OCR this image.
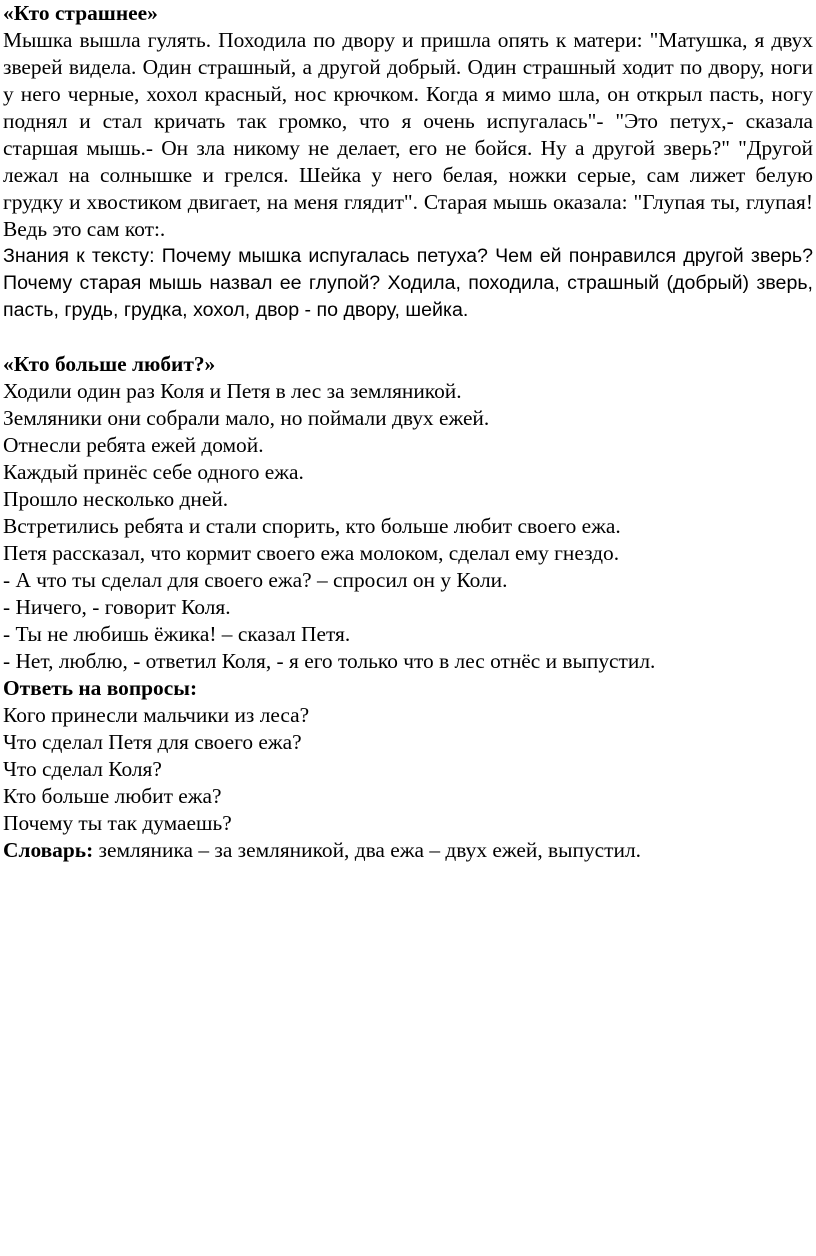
«Кто страшнее»

Мышка вышла гулять. Походила по двору и пришла опять к матери: "Матушка, я двух зверей видела. Один страшный, а другой добрый. Один страшный ходит по двору, ноги у него черные, хохол красный, нос крючком. Когда я мимо шла, он открыл пасть, ногу поднял и стал кричать так громко, что я очень испугалась"- "Это петух,- сказала старшая мышь.- Он зла никому не делает, его не бойся. Ну а другой зверь?" "Другой лежал на солнышке и грелся. Шейка у него белая, ножки серые, сам лижет белую грудку и хвостиком двигает, на меня глядит". Старая мышь оказала: "Глупая ты, глупая! Ведь это сам кот:.

Знания к тексту: Почему мышка испугалась петуха? Чем ей понравился другой зверь? Почему старая мышь назвал ее глупой? Ходила, походила, страшный (добрый) зверь, пасть, грудь, грудка, хохол, двор - по двору, шейка.

«Кто больше любит?»

Ходили один раз Коля и Петя в лес за земляникой.

Земляники они собрали мало, но поймали двух ежей.

Отнесли ребята ежей домой.

Каждый принёс себе одного ежа.

Прошло несколько дней.

Встретились ребята и стали спорить, кто больше любит своего ежа.

Петя рассказал, что кормит своего ежа молоком, сделал ему гнездо.

- А что ты сделал для своего ежа? – спросил он у Коли.

- Ничего, - говорит Коля.

- Ты не любишь ёжика! – сказал Петя.

- Нет, люблю, - ответил Коля, - я его только что в лес отнёс и выпустил.

Ответь на вопросы:

Кого принесли мальчики из леса?

Что сделал Петя для своего ежа?

Что сделал Коля?

Кто больше любит ежа?

Почему ты так думаешь?

Словарь: земляника – за земляникой, два ежа – двух ежей, выпустил.
